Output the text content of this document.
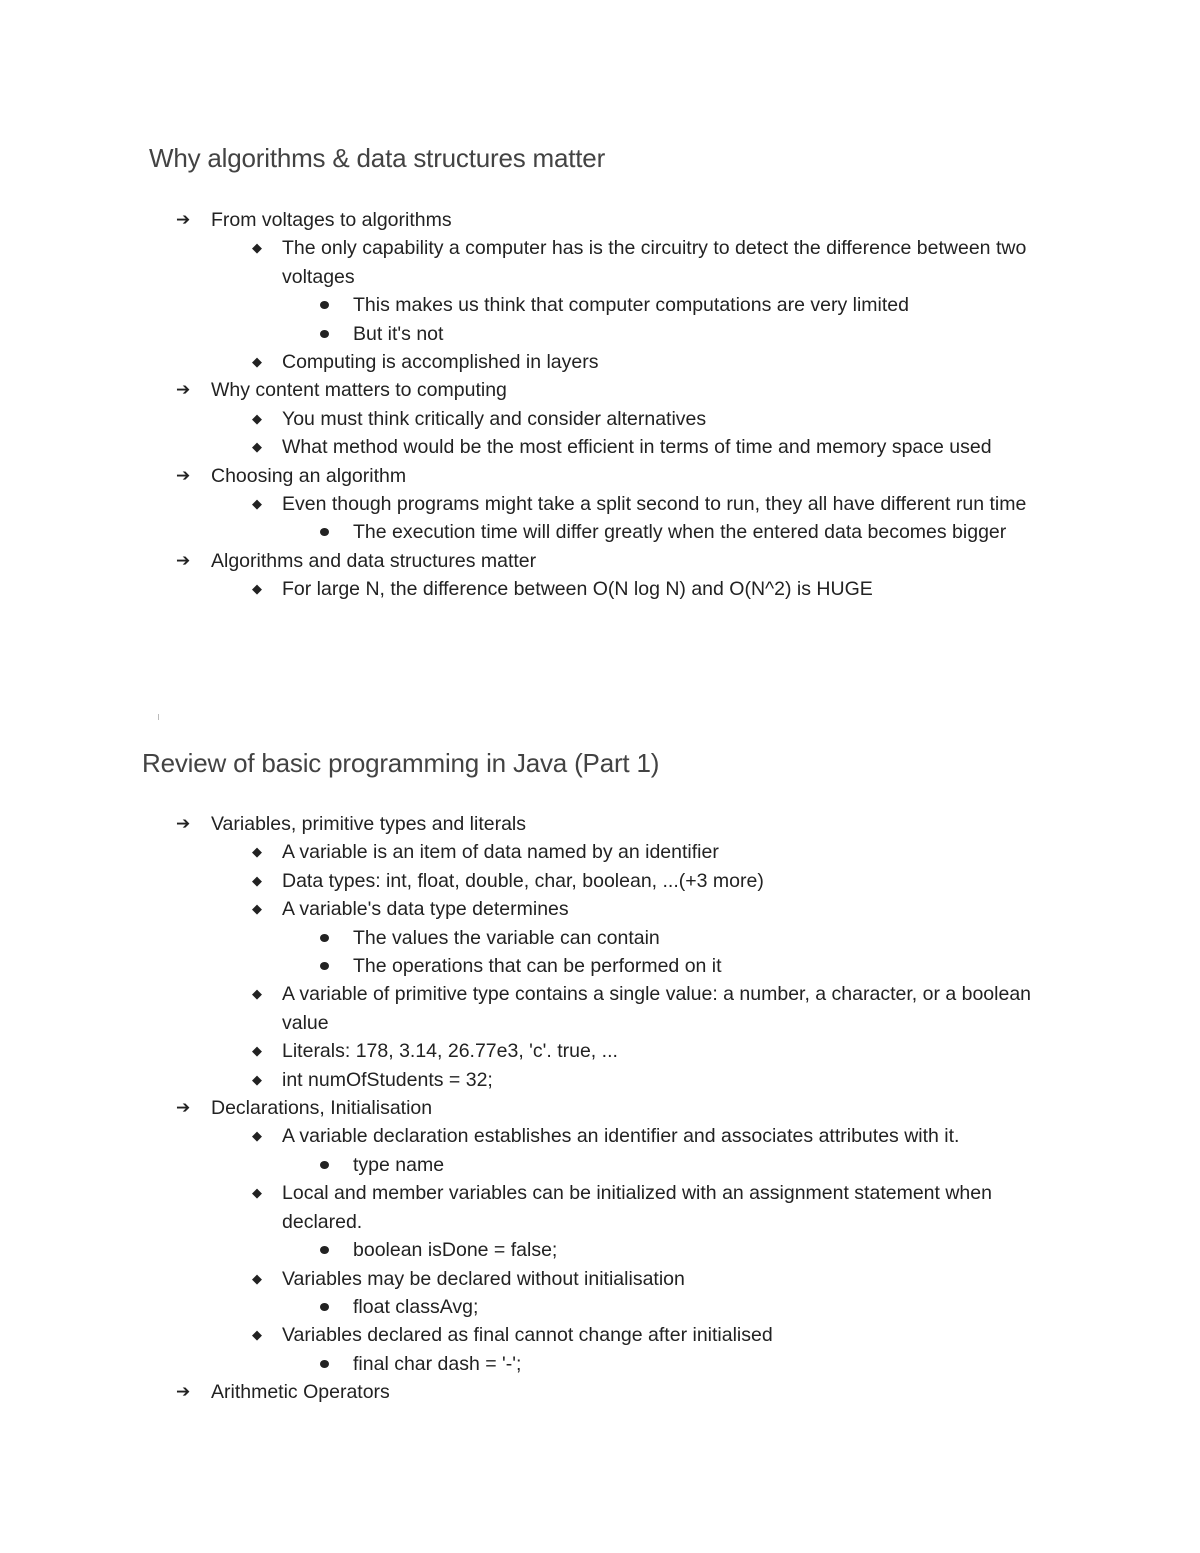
Why algorithms & data structures matter
➔ From voltages to algorithms
◆ The only capability a computer has is the circuitry to detect the difference between two voltages
This makes us think that computer computations are very limited
But it's not
◆ Computing is accomplished in layers
➔ Why content matters to computing
◆ You must think critically and consider alternatives
◆ What method would be the most efficient in terms of time and memory space used
➔ Choosing an algorithm
◆ Even though programs might take a split second to run, they all have different run time
The execution time will differ greatly when the entered data becomes bigger
➔ Algorithms and data structures matter
◆ For large N, the difference between O(N log N) and O(N^2) is HUGE
Review of basic programming in Java (Part 1)
➔ Variables, primitive types and literals
◆ A variable is an item of data named by an identifier
◆ Data types: int, float, double, char, boolean, ...(+3 more)
◆ A variable's data type determines
The values the variable can contain
The operations that can be performed on it
◆ A variable of primitive type contains a single value: a number, a character, or a boolean value
◆ Literals: 178, 3.14, 26.77e3, 'c'. true, ...
◆ int numOfStudents = 32;
➔ Declarations, Initialisation
◆ A variable declaration establishes an identifier and associates attributes with it.
type name
◆ Local and member variables can be initialized with an assignment statement when declared.
boolean isDone = false;
◆ Variables may be declared without initialisation
float classAvg;
◆ Variables declared as final cannot change after initialised
final char dash = '-';
➔ Arithmetic Operators
